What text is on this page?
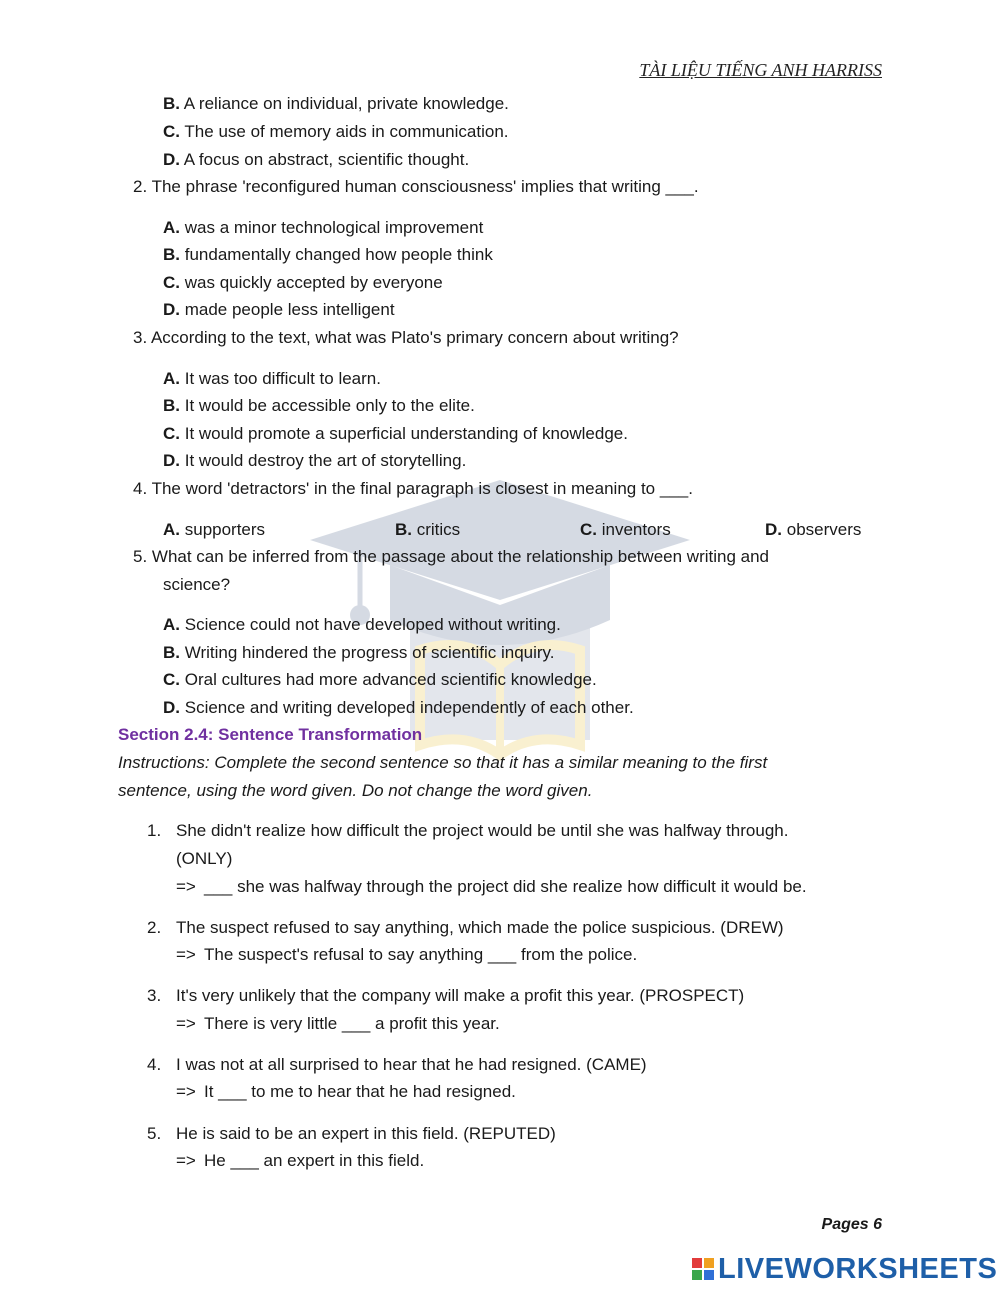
TÀI LIỆU TIẾNG ANH HARRISS
B. A reliance on individual, private knowledge.
C. The use of memory aids in communication.
D. A focus on abstract, scientific thought.
2. The phrase 'reconfigured human consciousness' implies that writing ___.
A. was a minor technological improvement
B. fundamentally changed how people think
C. was quickly accepted by everyone
D. made people less intelligent
3. According to the text, what was Plato's primary concern about writing?
A. It was too difficult to learn.
B. It would be accessible only to the elite.
C. It would promote a superficial understanding of knowledge.
D. It would destroy the art of storytelling.
4. The word 'detractors' in the final paragraph is closest in meaning to ___.
A. supporters	B. critics	C. inventors	D. observers
5. What can be inferred from the passage about the relationship between writing and
science?
A. Science could not have developed without writing.
B. Writing hindered the progress of scientific inquiry.
C. Oral cultures had more advanced scientific knowledge.
D. Science and writing developed independently of each other.
Section 2.4: Sentence Transformation
Instructions: Complete the second sentence so that it has a similar meaning to the first
sentence, using the word given. Do not change the word given.
1. She didn't realize how difficult the project would be until she was halfway through.
(ONLY)
=> ___ she was halfway through the project did she realize how difficult it would be.
2. The suspect refused to say anything, which made the police suspicious. (DREW)
=> The suspect's refusal to say anything ___ from the police.
3. It's very unlikely that the company will make a profit this year. (PROSPECT)
=> There is very little ___ a profit this year.
4. I was not at all surprised to hear that he had resigned. (CAME)
=> It ___ to me to hear that he had resigned.
5. He is said to be an expert in this field. (REPUTED)
=> He ___ an expert in this field.
Pages 6
LIVEWORKSHEETS
